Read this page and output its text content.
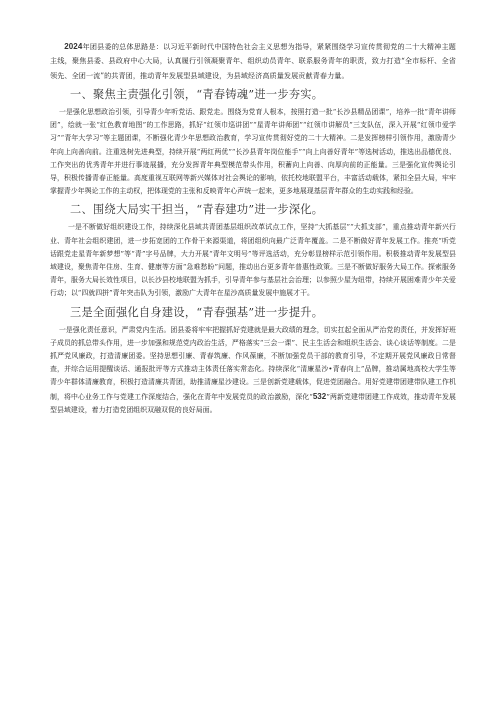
2024年团县委的总体思路是：以习近平新时代中国特色社会主义思想为指导，紧紧围绕学习宣传贯彻党的二十大精神主题主线，聚焦县委、县政府中心大局，认真履行引领凝聚青年、组织动员青年、联系服务青年的职责，致力打造“全市标杆、全省领先、全团一流”的共青团，推动青年发展型县域建设，为县域经济高质量发展贡献青春力量。

一、聚焦主责强化引领，“青春铸魂”进一步夯实。

一是强化思想政治引领，引导青少年听党话、跟党走。围绕为党育人根本，按照打造一批“长沙县精品团课”，培养一批“青年讲师团”，绘就一张“红色教育地图”的工作思路，抓好“红领巾巡讲团”“星青年讲师团”“红领巾讲解员”三支队伍，深入开展“红领巾爱学习”“青年大学习”等主题团课，不断强化青少年思想政治教育，学习宣传贯彻好党的二十大精神。二是发挥榜样引领作用，激励青少年向上向善向前。注重选树先进典型，持续开展“两红两优”“长沙县青年岗位能手”“向上向善好青年”等选树活动，推选出品德优良、工作突出的优秀青年并进行事迹展播，充分发挥青年典型模范带头作用，积蓄向上向善、向厚向前的正能量。三是强化宣传舆论引导，积极传播青春正能量。高度重视互联网等新兴媒体对社会舆论的影响，依托校地联盟平台，丰富活动载体，紧扣全县大局，牢牢掌握青少年舆论工作的主动权，把体现党的主张和反映青年心声统一起来，更多地展现基层青年群众的生动实践和经验。

二、围绕大局实干担当，“青春建功”进一步深化。

一是不断做好组织建设工作，持续深化县域共青团基层组织改革试点工作，坚持“大抓基层”“大抓支部”，重点推动青年新兴行业、青年社会组织建团，进一步拓宽团的工作骨干来源渠道，将团组织向最广泛青年覆盖。二是不断做好青年发展工作。推亮“听党话跟党走星青年新梦想”等“青”字号品牌，大力开展“青年文明号”等评选活动，充分彰显榜样示范引领作用。积极推动青年发展型县域建设，聚焦青年住房、生育、健康等方面“急难愁盼”问题，推动出台更多青年普惠性政策。三是不断做好服务大局工作。探索服务青年，服务大局长效性项目，以长沙县校地联盟为抓手，引导青年参与基层社会治理；以参照少屋为纽带，持续开展困难青少年关爱行动；以“四就四拼”青年突击队为引领，激励广大青年在星沙高质量发展中施展才干。

三是全面强化自身建设，“青春强基”进一步提升。

一是强化责任意识，严肃党内生活。团县委将牢牢把握抓好党建就是最大政绩的理念，切实扛起全面从严治党的责任，并发挥好班子成员的抓总带头作用，进一步加强和规范党内政治生活，严格落实“三会一课”、民主生活会和组织生活会、谈心谈话等制度。二是抓严党风廉政，打造清廉团委。坚持思想引廉、青春筑廉、作风葆廉，不断加强党员干部的教育引导，不定期开展党风廉政日常督查，并综合运用提醒谈话、通报批评等方式推动主体责任落实常态化。持续深化“清廉星沙•青春向上”品牌，推动属地高校大学生等青少年群体清廉教育，积极打造清廉共青团，助推清廉星沙建设。三是创新党建载体，促进党团融合。用好党建带团建带队建工作机制，将中心业务工作与党建工作深度结合，强化在青年中发展党员的政治激励，深化“532”两新党建带团建工作成效，推动青年发展型县域建设，着力打造党团组织双融双促的良好局面。
